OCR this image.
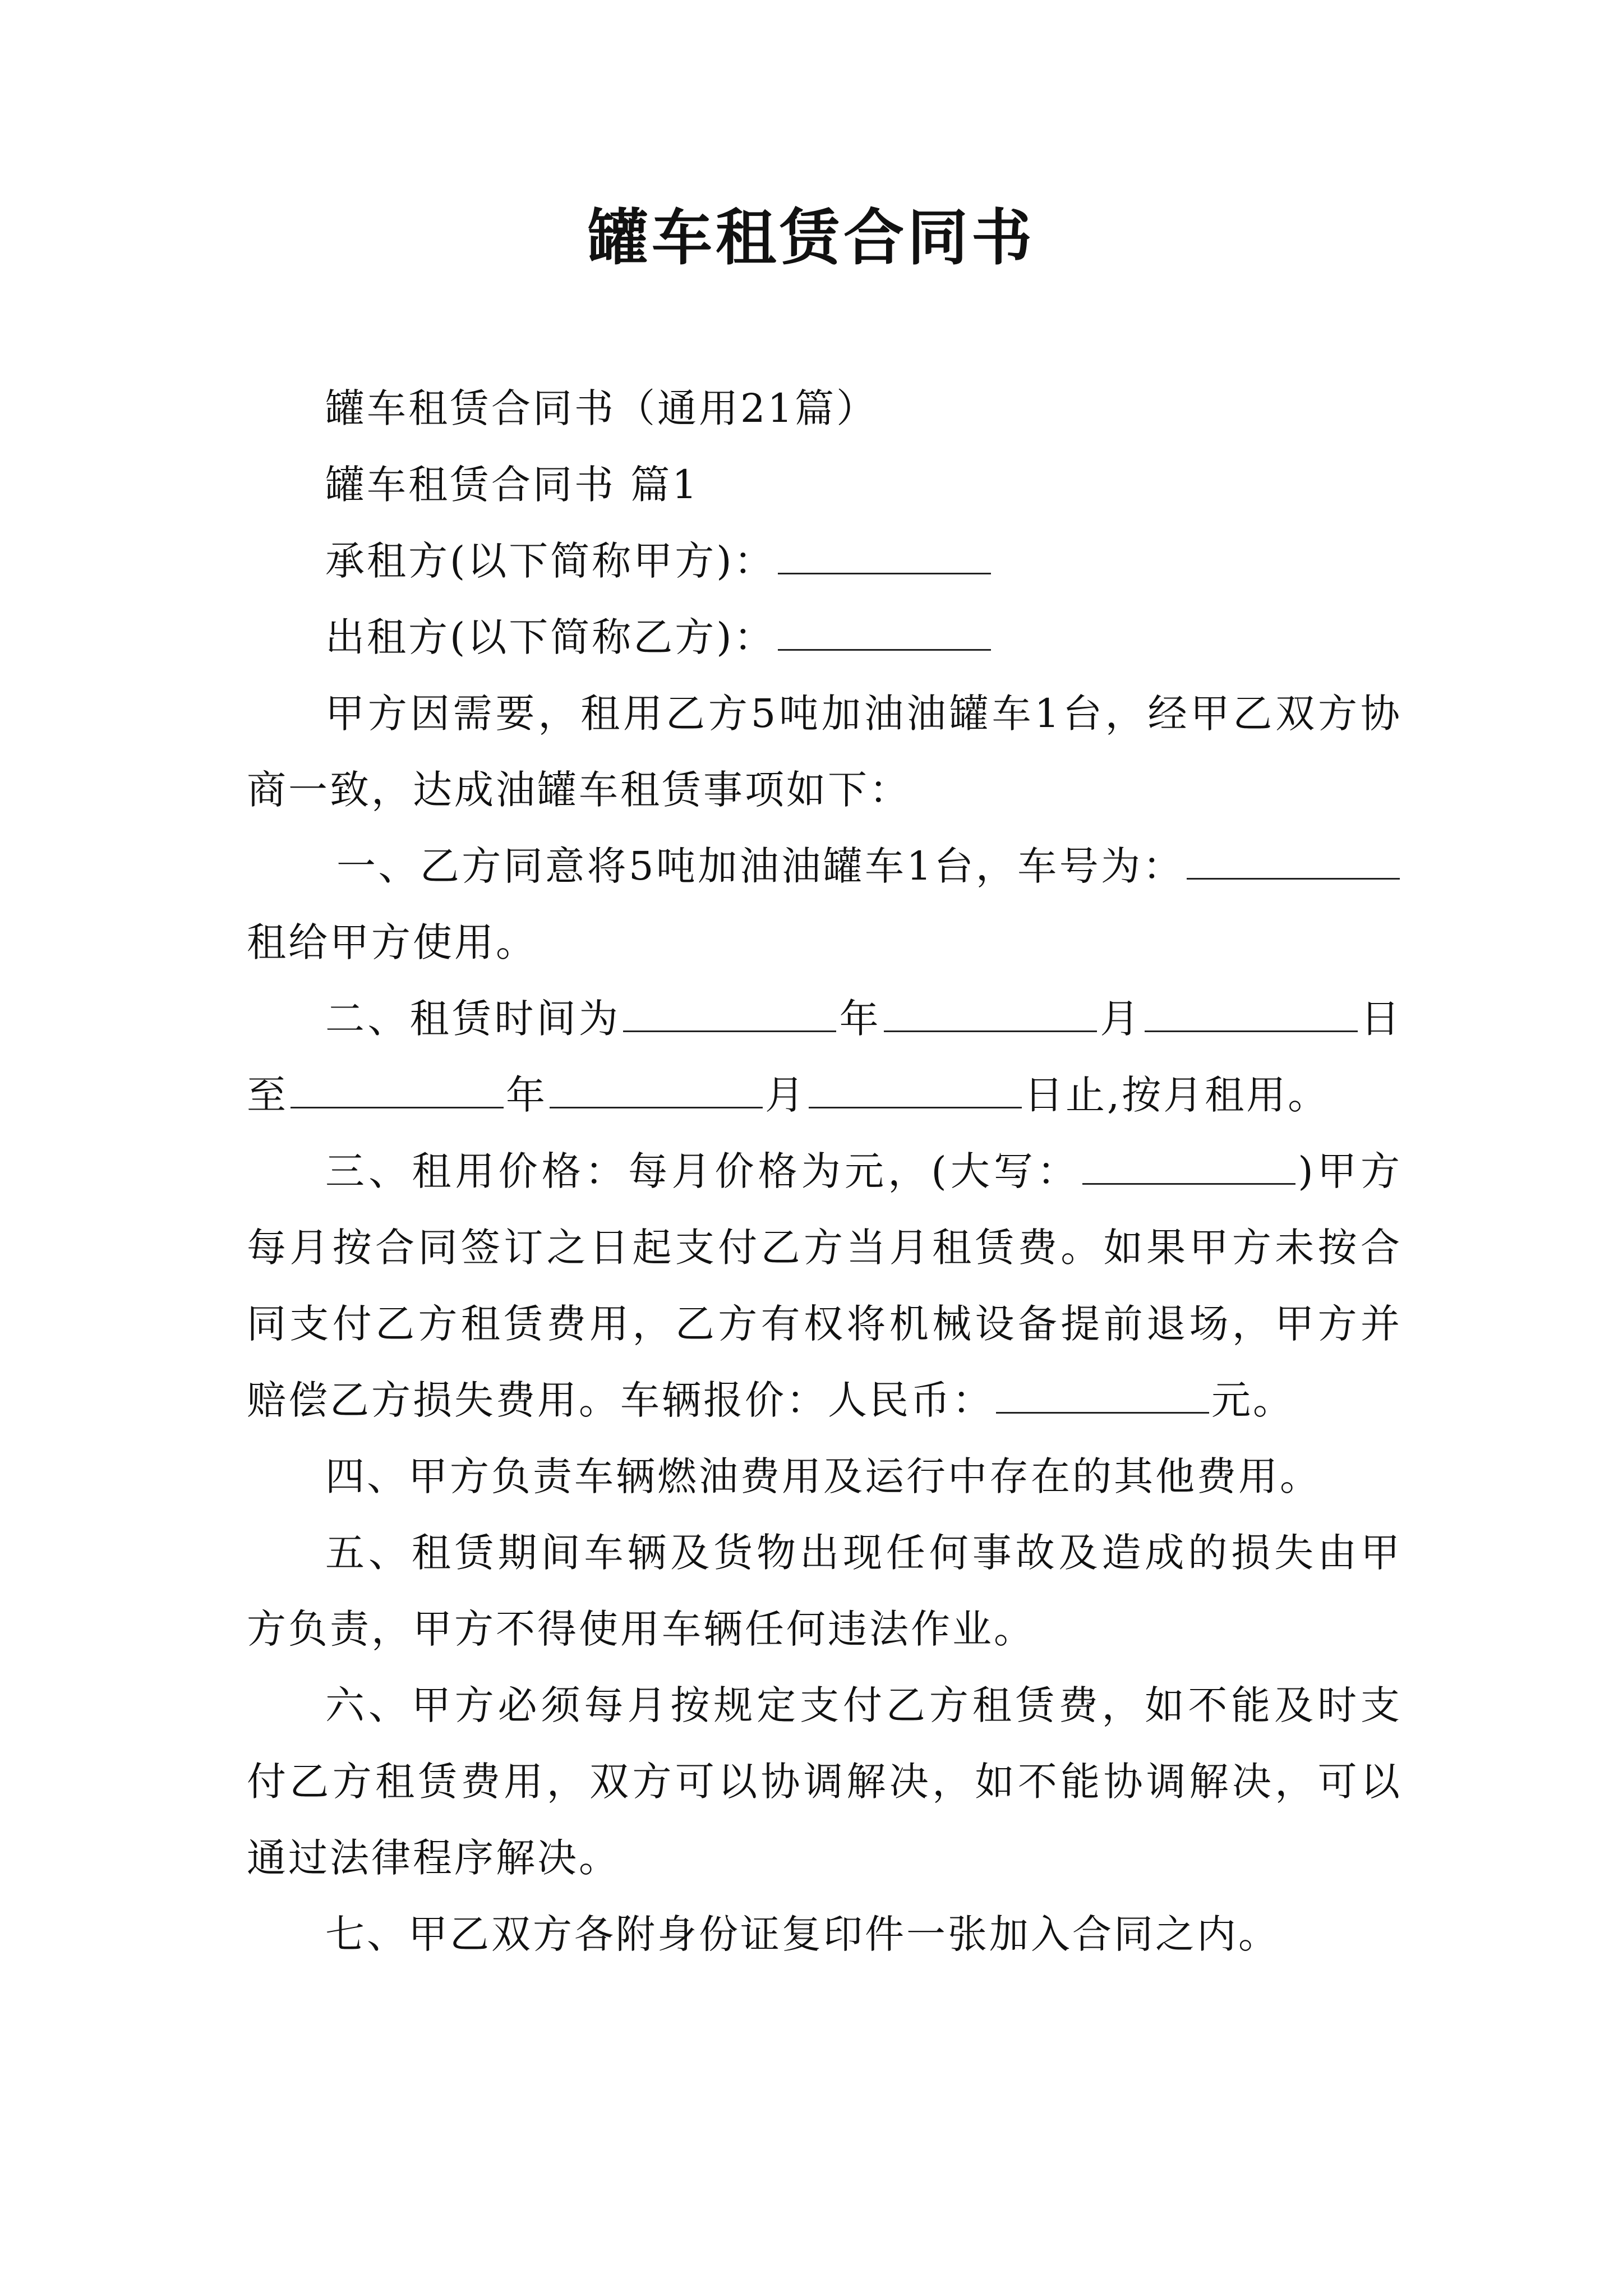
罐车租赁合同书

罐车租赁合同书（通用21篇）

罐车租赁合同书 篇1

承租方(以下简称甲方)：

出租方(以下简称乙方)：

甲方因需要，租用乙方5吨加油油罐车1台，经甲乙双方协商一致，达成油罐车租赁事项如下：

一、乙方同意将5吨加油油罐车1台，车号为：租给甲方使用。

二、租赁时间为	年	月	日至	年	月	日止,按月租用。

三、租用价格：每月价格为元，(大写：	)甲方每月按合同签订之日起支付乙方当月租赁费。如果甲方未按合同支付乙方租赁费用，乙方有权将机械设备提前退场，甲方并赔偿乙方损失费用。车辆报价：人民币：	元。

四、甲方负责车辆燃油费用及运行中存在的其他费用。

五、租赁期间车辆及货物出现任何事故及造成的损失由甲方负责，甲方不得使用车辆任何违法作业。

六、甲方必须每月按规定支付乙方租赁费，如不能及时支付乙方租赁费用，双方可以协调解决，如不能协调解决，可以通过法律程序解决。

七、甲乙双方各附身份证复印件一张加入合同之内。
